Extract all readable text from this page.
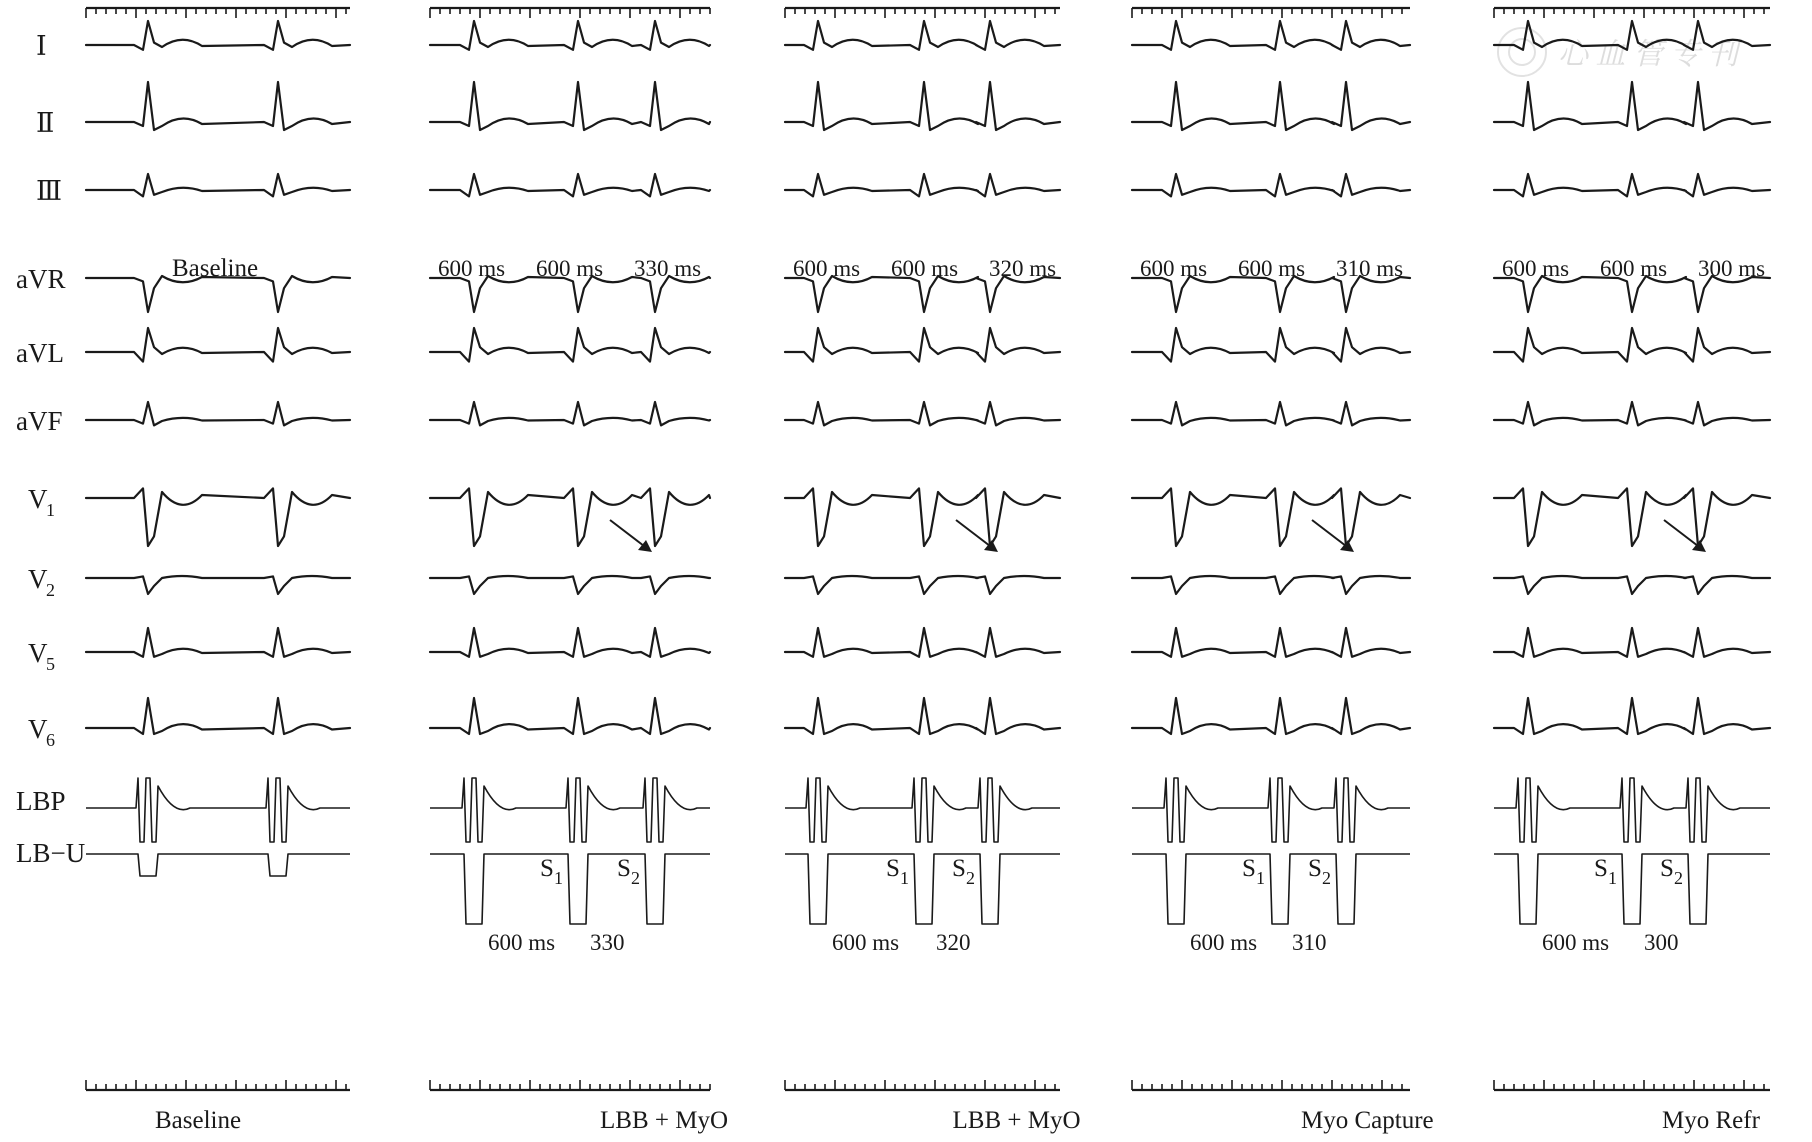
心 血 管 专 刊
Ⅰ
Ⅱ
Ⅲ
aVR
aVL
aVF
V
1
V
2
V
5
V
6
LBP
LB−U
Baseline
Baseline
600 ms 600 ms 330 ms
S 1 S 2
600 ms 330
LBB + MyO
600 ms 600 ms 320 ms
S 1 S 2
600 ms 320
LBB + MyO
600 ms 600 ms 310 ms
S 1 S 2
600 ms 310
Myo Capture
600 ms 600 ms 300 ms
S 1 S 2
600 ms 300
Myo Refr
